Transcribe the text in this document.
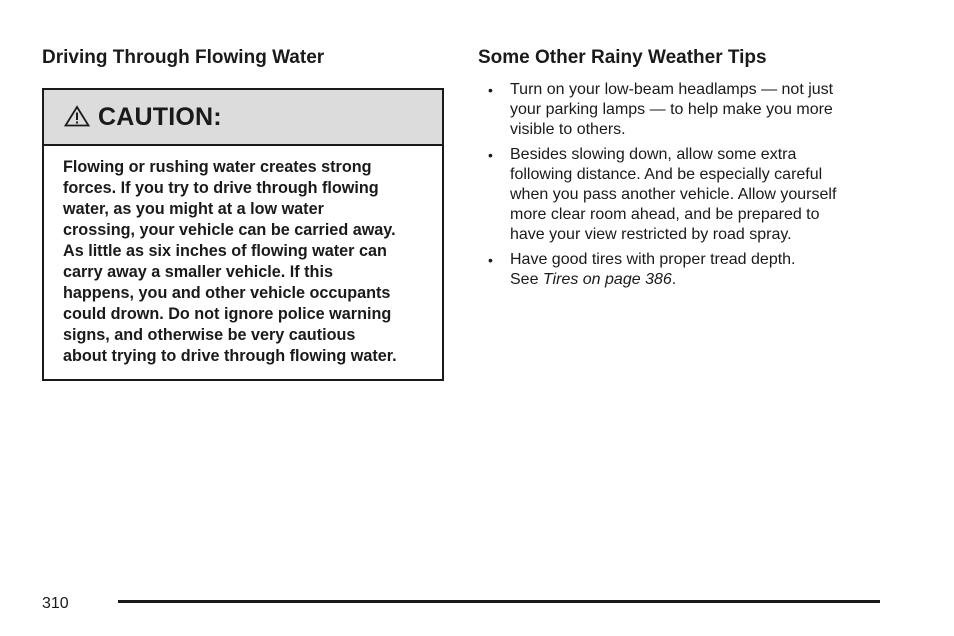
Driving Through Flowing Water
CAUTION:
Flowing or rushing water creates strong
forces. If you try to drive through flowing
water, as you might at a low water
crossing, your vehicle can be carried away.
As little as six inches of flowing water can
carry away a smaller vehicle. If this
happens, you and other vehicle occupants
could drown. Do not ignore police warning
signs, and otherwise be very cautious
about trying to drive through flowing water.
Some Other Rainy Weather Tips
• Turn on your low-beam headlamps — not just
your parking lamps — to help make you more
visible to others.
• Besides slowing down, allow some extra
following distance. And be especially careful
when you pass another vehicle. Allow yourself
more clear room ahead, and be prepared to
have your view restricted by road spray.
• Have good tires with proper tread depth.
See Tires on page 386.
310
